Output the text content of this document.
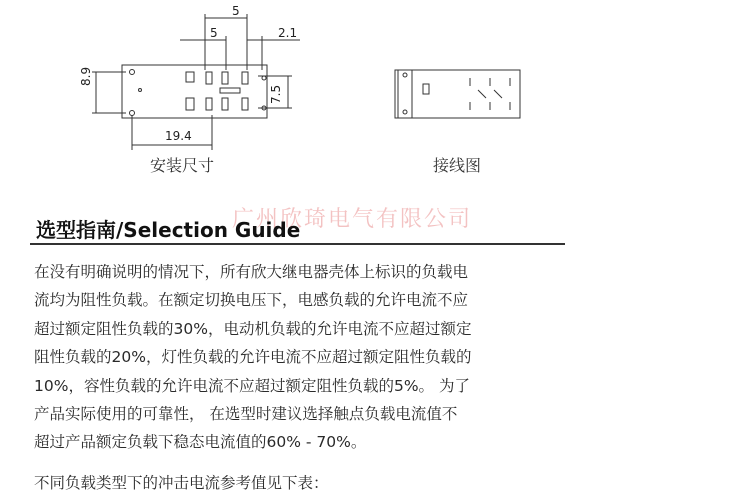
5
5	2.1
8.9
7.5
19.4
安装尺寸	接线图
广州欣琦电气有限公司
选型指南/Selection Guide
在没有明确说明的情况下，所有欣大继电器壳体上标识的负载电
流均为阻性负载。在额定切换电压下，电感负载的允许电流不应
超过额定阻性负载的30%，电动机负载的允许电流不应超过额定
阻性负载的20%，灯性负载的允许电流不应超过额定阻性负载的
10%，容性负载的允许电流不应超过额定阻性负载的5%。 为了
产品实际使用的可靠性， 在选型时建议选择触点负载电流值不
超过产品额定负载下稳态电流值的60% - 70%。
不同负载类型下的冲击电流参考值见下表：
